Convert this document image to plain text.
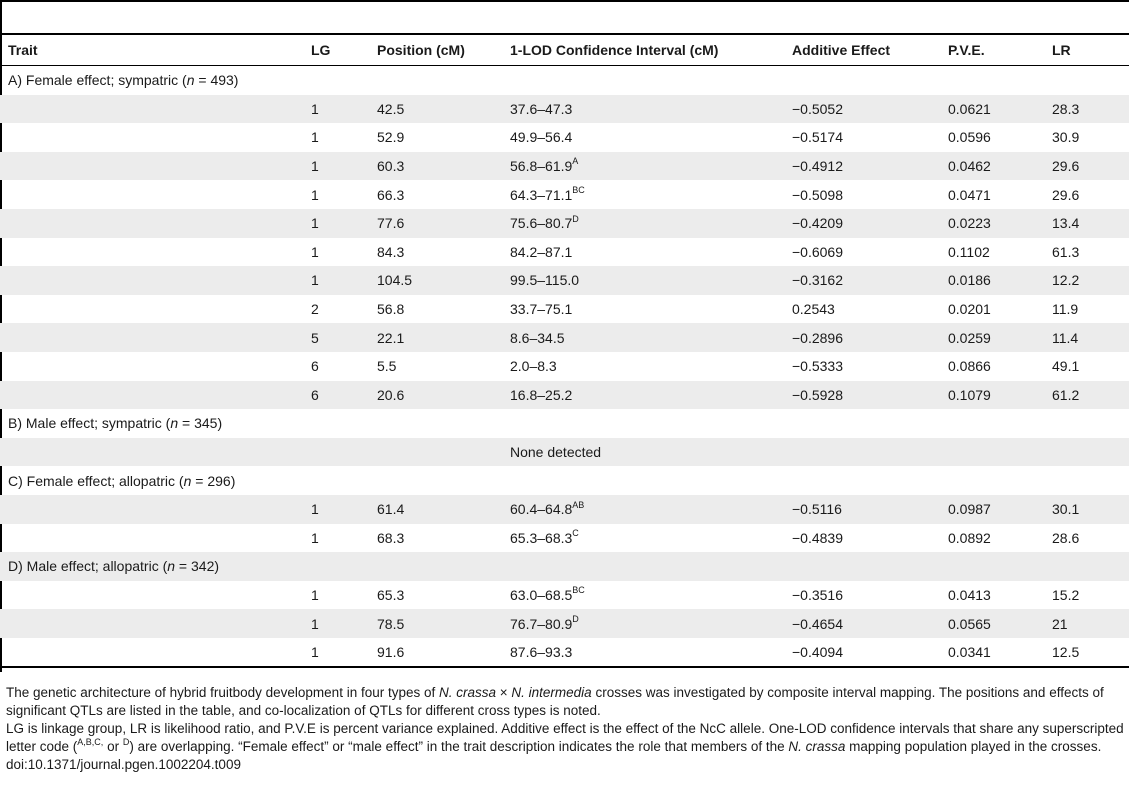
Trait	LG	Position (cM)	1-LOD Confidence Interval (cM)	Additive Effect	P.V.E.	LR
A) Female effect; sympatric (n = 493)						
	1	42.5	37.6–47.3	−0.5052	0.0621	28.3
	1	52.9	49.9–56.4	−0.5174	0.0596	30.9
	1	60.3	$56.8-61.9^A$	−0.4912	0.0462	29.6
	1	66.3	$64.3-71.1^{BC}$	−0.5098	0.0471	29.6
	1	77.6	$75.6-80.7^D$	−0.4209	0.0223	13.4
	1	84.3	84.2–87.1	−0.6069	0.1102	61.3
	1	104.5	99.5–115.0	−0.3162	0.0186	12.2
	2	56.8	33.7–75.1	0.2543	0.0201	11.9
	5	22.1	8.6–34.5	−0.2896	0.0259	11.4
	6	5.5	2.0–8.3	−0.5333	0.0866	49.1
	6	20.6	16.8–25.2	−0.5928	0.1079	61.2
B) Male effect; sympatric (n = 345)						
			None detected			
C) Female effect; allopatric (n = 296)						
	1	61.4	$60.4-64.8^{AB}$	−0.5116	0.0987	30.1
	1	68.3	$65.3-68.3^C$	−0.4839	0.0892	28.6
D) Male effect; allopatric (n = 342)						
	1	65.3	$63.0-68.5^{BC}$	−0.3516	0.0413	15.2
	1	78.5	$76.7-80.9^D$	−0.4654	0.0565	21
	1	91.6	87.6–93.3	−0.4094	0.0341	12.5

The genetic architecture of hybrid fruitbody development in four types of N. crassa × N. intermedia crosses was investigated by composite interval mapping. The positions and effects of significant QTLs are listed in the table, and co-localization of QTLs for different cross types is noted.

LG is linkage group, LR is likelihood ratio, and P.V.E is percent variance explained. Additive effect is the effect of the NcC allele. One-LOD confidence intervals that share any superscripted letter code ($^{A,B,C,}$ or $^D$) are overlapping. “Female effect” or “male effect” in the trait description indicates the role that members of the N. crassa mapping population played in the crosses.

doi:10.1371/journal.pgen.1002204.t009
